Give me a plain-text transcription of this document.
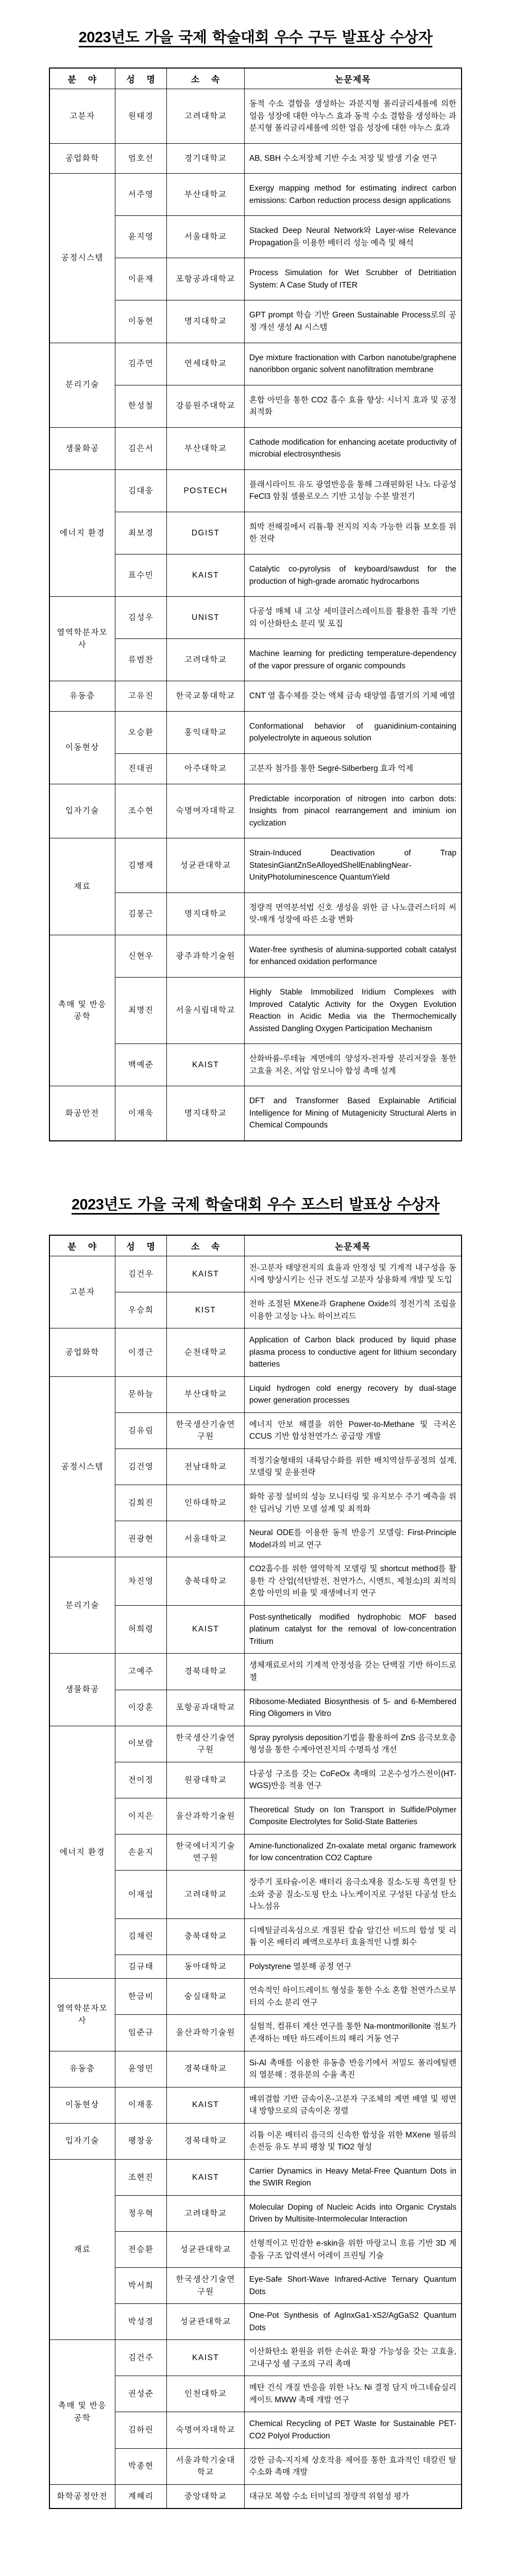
2023년도 가을 국제 학술대회 우수 구두 발표상 수상자
분 야	성 명	소 속	논문제목
고분자	원태경	고려대학교	동적 수소 결합을 생성하는 과분지형 폴리글리세롤에 의한 얼음 성장에 대한 야누스 효과 동적 수소 결합을 생성하는 과분지형 폴리글리세롤에 의한 얼음 성장에 대한 야누스 효과
공업화학	엄호선	경기대학교	AB, SBH 수소저장체 기반 수소 저장 및 발생 기술 연구
공정시스템	서주영	부산대학교	Exergy mapping method for estimating indirect carbon emissions: Carbon reduction process design applications
	윤지영	서울대학교	Stacked Deep Neural Network와 Layer-wise Relevance Propagation을 이용한 배터리 성능 예측 및 해석
	이윤재	포항공과대학교	Process Simulation for Wet Scrubber of Detritiation System: A Case Study of ITER
	이동현	명지대학교	GPT prompt 학습 기반 Green Sustainable Process로의 공정 개선 생성 AI 시스템
분리기술	김주연	연세대학교	Dye mixture fractionation with Carbon nanotube/graphene nanoribbon organic solvent nanofiltration membrane
	한성철	강릉원주대학교	혼합 아민을 통한 CO2 흡수 효율 향상: 시너지 효과 및 공정 최적화
생물화공	김은서	부산대학교	Cathode modification for enhancing acetate productivity of microbial electrosynthesis
에너지 환경	김대웅	POSTECH	플래시라이트 유도 광열반응을 통해 그래핀화된 나노 다공성 FeCl3 함침 셀룰로오스 기반 고성능 수분 발전기
	최보경	DGIST	희박 전해질에서 리튬-황 전지의 지속 가능한 리튬 보호를 위한 전략
	표수민	KAIST	Catalytic co-pyrolysis of keyboard/sawdust for the production of high-grade aromatic hydrocarbons
열역학분자모사	김성우	UNIST	다공성 매체 내 고상 세미클러스레이트를 활용한 흡착 기반의 이산화탄소 분리 및 포집
	류범찬	고려대학교	Machine learning for predicting temperature-dependency of the vapor pressure of organic compounds
유동층	고유진	한국교통대학교	CNT 열 흡수체를 갖는 액체 금속 태양열 흡열기의 기체 예열
이동현상	오승환	홍익대학교	Conformational behavior of guanidinium-containing polyelectrolyte in aqueous solution
	진대권	아주대학교	고분자 첨가를 통한 Segré-Silberberg 효과 억제
입자기술	조수현	숙명여자대학교	Predictable incorporation of nitrogen into carbon dots: Insights from pinacol rearrangement and iminium ion cyclization
재료	김병재	성균관대학교	Strain-Induced Deactivation of Trap StatesinGiantZnSeAlloyedShellEnablingNear-UnityPhotoluminescence QuantumYield
	김봉근	명지대학교	정량적 면역분석법 신호 생성을 위한 금 나노클러스터의 씨앗-매개 성장에 따른 소광 변화
촉매 및 반응공학	신현우	광주과학기술원	Water-free synthesis of alumina-supported cobalt catalyst for enhanced oxidation performance
	최명진	서울시립대학교	Highly Stable Immobilized Iridium Complexes with Improved Catalytic Activity for the Oxygen Evolution Reaction in Acidic Media via the Thermochemically Assisted Dangling Oxygen Participation Mechanism
	백예준	KAIST	산화바륨-루테늄 계면에의 양성자-전자쌍 분리저장을 통한 고효율 저온, 저압 암모니아 합성 촉매 설계
화공안전	이재욱	명지대학교	DFT and Transformer Based Explainable Artificial Intelligence for Mining of Mutagenicity Structural Alerts in Chemical Compounds
2023년도 가을 국제 학술대회 우수 포스터 발표상 수상자
분 야	성 명	소 속	논문제목
고분자	김건우	KAIST	전-고분자 태양전지의 효율과 안정성 및 기계적 내구성을 동시에 향상시키는 신규 전도성 고분자 상용화제 개발 및 도입
	우승희	KIST	전하 조절된 MXene과 Graphene Oxide의 정전기적 조립을 이용한 고성능 나노 하이브리드
공업화학	이경근	순천대학교	Application of Carbon black produced by liquid phase plasma process to conductive agent for lithium secondary batteries
공정시스템	문하늘	부산대학교	Liquid hydrogen cold energy recovery by dual-stage power generation processes
	김유림	한국생산기술연구원	에너지 안보 해결을 위한 Power-to-Methane 및 극저온 CCUS 기반 합성천연가스 공급망 개발
	김건영	전남대학교	적정기술형태의 내륙담수화를 위한 배치역삼투공정의 설계, 모델링 및 운용전략
	김희진	인하대학교	화학 공정 설비의 성능 모니터링 및 유지보수 주기 예측을 위한 딥러닝 기반 모델 설계 및 최적화
	권광현	서울대학교	Neural ODE를 이용한 동적 반응기 모델링: First-Principle Model과의 비교 연구
분리기술	차진영	충북대학교	CO2흡수를 위한 열역학적 모델링 및 shortcut method를 활용한 각 산업(석탄발전, 천연가스, 시멘트, 제철소)의 최적의 혼합 아민의 비율 및 재생에너지 연구
	허희령	KAIST	Post-synthetically modified hydrophobic MOF based platinum catalyst for the removal of low-concentration Tritium
생물화공	고예주	경북대학교	생체재료로서의 기계적 안정성을 갖는 단백질 기반 하이드로젤
	이강훈	포항공과대학교	Ribosome-Mediated Biosynthesis of 5- and 6-Membered Ring Oligomers in Vitro
에너지 환경	이보람	한국생산기술연구원	Spray pyrolysis deposition기법을 활용하여 ZnS 음극보호층 형성을 통한 수계아연전지의 수명특성 개선
	전이정	원광대학교	다공성 구조를 갖는 CoFeOx 촉매의 고온수성가스전이(HT-WGS)반응 적용 연구
	이지은	울산과학기술원	Theoretical Study on Ion Transport in Sulfide/Polymer Composite Electrolytes for Solid-State Batteries
	손윤지	한국에너지기술연구원	Amine-functionalized Zn-oxalate metal organic framework for low concentration CO2 Capture
	이재섭	고려대학교	장주기 포타슘-이온 배터리 음극소재용 질소-도핑 흑연질 탄소와 중공 질소-도핑 탄소 나노케이지로 구성된 다공성 탄소 나노섬유
	김채린	충북대학교	디메틸글리옥심으로 개질된 칼슘 알긴산 비드의 합성 및 리튬 이온 배터리 폐액으로부터 효율적인 니켈 회수
	김규태	동아대학교	Polystyrene 열분해 공정 연구
열역학분자모사	한금비	숭실대학교	연속적인 하이드레이트 형성을 통한 수소 혼합 천연가스로부터의 수소 분리 연구
	임준규	울산과학기술원	실험적, 컴퓨터 계산 연구를 통한 Na-montmorillonite 점토가 존재하는 메탄 하드레이트의 해리 거동 연구
유동층	윤영민	경북대학교	Si-Al 촉매를 이용한 유동층 반응기에서 저밀도 폴리에틸렌의 열분해 : 경유분의 수율 촉진
이동현상	이재홍	KAIST	배위결합 기반 금속이온-고분자 구조체의 계면 배열 및 평면 내 방향으로의 금속이온 정렬
입자기술	팽창웅	경북대학교	리튬 이온 배터리 음극의 신속한 합성을 위한 MXene 필름의 손전등 유도 부피 팽창 및 TiO2 형성
재료	조현진	KAIST	Carrier Dynamics in Heavy Metal-Free Quantum Dots in the SWIR Region
	정우혁	고려대학교	Molecular Doping of Nucleic Acids into Organic Crystals Driven by Multisite-Intermolecular Interaction
	전승환	성균관대학교	선형적이고 민감한 e-skin을 위한 마랑고니 흐름 기반 3D 계층돔 구조 압력센서 어레이 프린팅 기술
	박서희	한국생산기술연구원	Eye-Safe Short-Wave Infrared-Active Ternary Quantum Dots
	박성경	성균관대학교	One-Pot Synthesis of AgInxGa1-xS2/AgGaS2 Quantum Dots
촉매 및 반응공학	김건주	KAIST	이산화탄소 환원을 위한 손쉬운 확장 가능성을 갖는 고효율, 고내구성 쉘 구조의 구리 촉매
	권성준	인천대학교	메탄 건식 개질 반응을 위한 나노 Ni 결정 담지 마그네슘실리케이트 MWW 촉매 개발 연구
	김하린	숙명여자대학교	Chemical Recycling of PET Waste for Sustainable PET-CO2 Polyol Production
	박종현	서울과학기술대학교	강한 금속-지지체 상호작용 제어를 통한 효과적인 데칼린 탈수소화 촉매 개발
화학공정안전	계혜리	중앙대학교	대규모 복합 수소 터미널의 정량적 위험성 평가
